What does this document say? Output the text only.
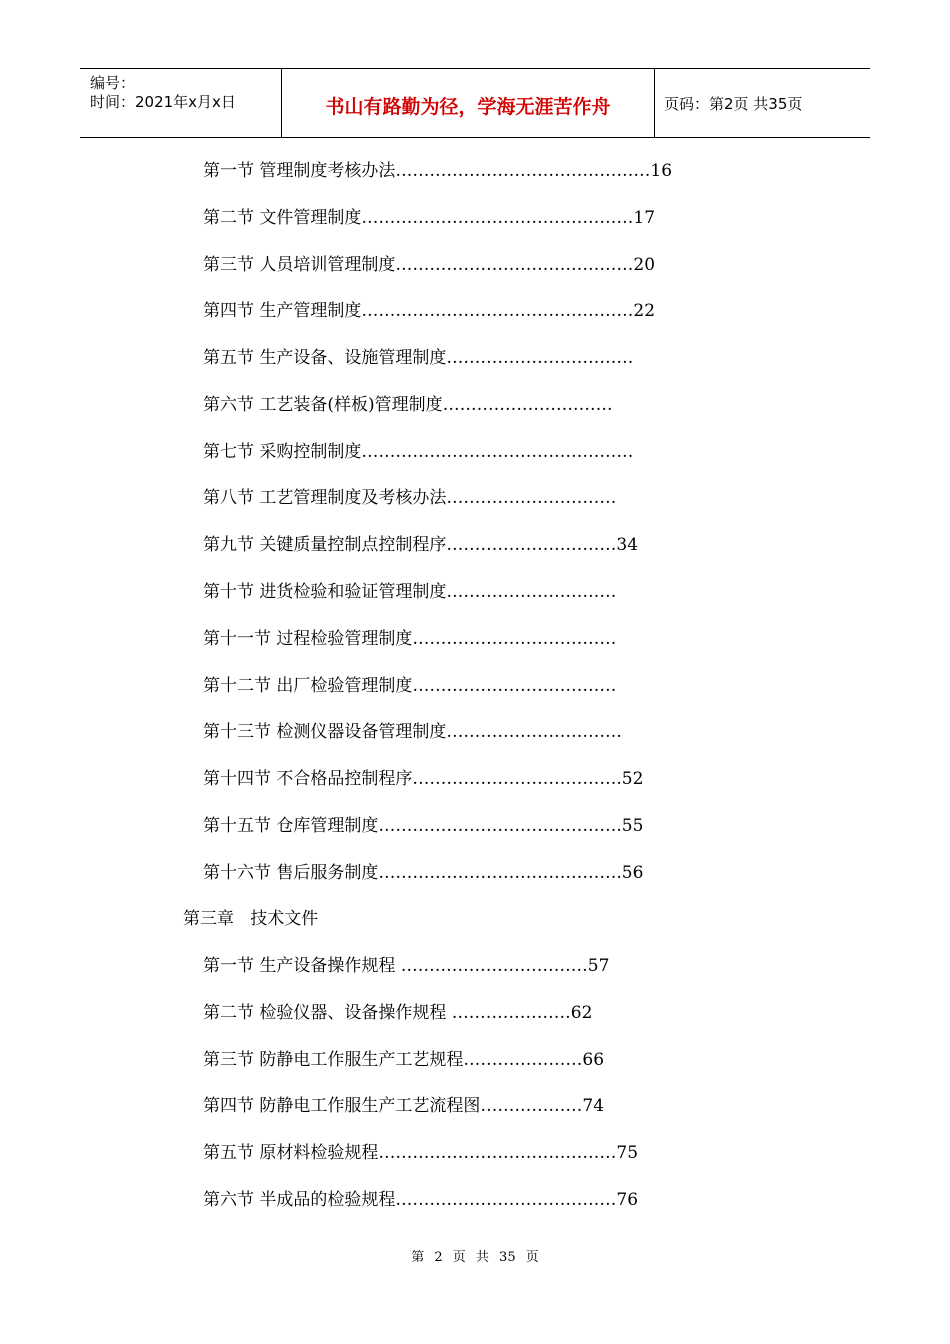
编号：
时间：2021年x月x日	书山有路勤为径，学海无涯苦作舟	页码：第2页 共35页
第一节 管理制度考核办法………………………………………16
第二节 文件管理制度…………………………………………17
第三节 人员培训管理制度……………………………………20
第四节 生产管理制度…………………………………………22
第五节 生产设备、设施管理制度……………………………
第六节 工艺装备(样板)管理制度…………………………
第七节 采购控制制度…………………………………………
第八节 工艺管理制度及考核办法…………………………
第九节 关键质量控制点控制程序…………………………34
第十节 进货检验和验证管理制度…………………………
第十一节 过程检验管理制度………………………………
第十二节 出厂检验管理制度………………………………
第十三节 检测仪器设备管理制度………………………….
第十四节 不合格品控制程序……………………………….52
第十五节 仓库管理制度…………………………………….55
第十六节 售后服务制度…………………………………….56
第三章   技术文件
第一节 生产设备操作规程 ……………………………57
第二节 检验仪器、设备操作规程 …………………62
第三节 防静电工作服生产工艺规程…………………66
第四节 防静电工作服生产工艺流程图………………74
第五节 原材料检验规程……………………………………75
第六节 半成品的检验规程…………………………………76
第 2 页 共 35 页
